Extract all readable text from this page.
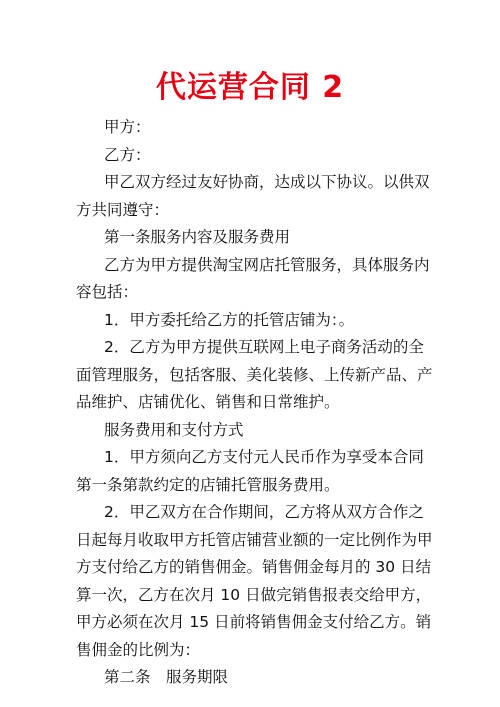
代运营合同 2

甲方：

乙方：

甲乙双方经过友好协商，达成以下协议。以供双方共同遵守：

第一条服务内容及服务费用

乙方为甲方提供淘宝网店托管服务，具体服务内容包括：

1．甲方委托给乙方的托管店铺为：。

2．乙方为甲方提供互联网上电子商务活动的全面管理服务，包括客服、美化装修、上传新产品、产品维护、店铺优化、销售和日常维护。

服务费用和支付方式

1．甲方须向乙方支付元人民币作为享受本合同第一条第款约定的店铺托管服务费用。

2．甲乙双方在合作期间，乙方将从双方合作之日起每月收取甲方托管店铺营业额的一定比例作为甲方支付给乙方的销售佣金。销售佣金每月的 30 日结算一次，乙方在次月 10 日做完销售报表交给甲方，甲方必须在次月 15 日前将销售佣金支付给乙方。销售佣金的比例为：

第二条　服务期限
